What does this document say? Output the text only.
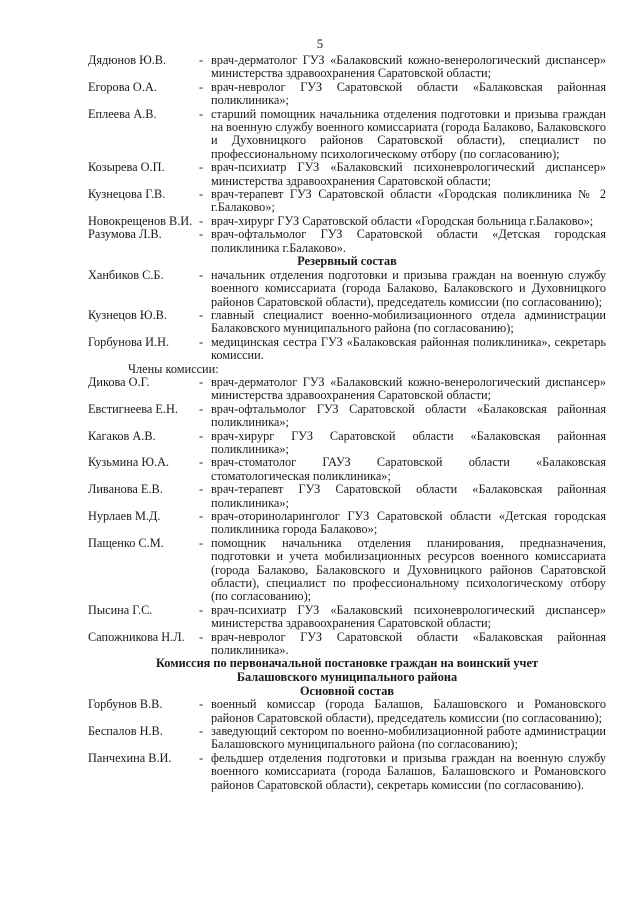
5
Дядюнов Ю.В.	- врач-дерматолог ГУЗ «Балаковский кожно-венерологический диспансер» министерства здравоохранения Саратовской области;
Егорова О.А.	- врач-невролог ГУЗ Саратовской области «Балаковская районная поликлиника»;
Еплеева А.В.	- старший помощник начальника отделения подготовки и призыва граждан на военную службу военного комиссариата (города Балаково, Балаковского и Духовницкого районов Саратовской области), специалист по профессиональному психологическому отбору (по согласованию);
Козырева О.П.	- врач-психиатр ГУЗ «Балаковский психоневрологический диспансер» министерства здравоохранения Саратовской области;
Кузнецова Г.В.	- врач-терапевт ГУЗ Саратовской области «Городская поликлиника № 2 г.Балаково»;
Новокрещенов В.И. - врач-хирург ГУЗ Саратовской области «Городская больница г.Балаково»;
Разумова Л.В.	- врач-офтальмолог ГУЗ Саратовской области «Детская городская поликлиника г.Балаково».
Резервный состав
Ханбиков С.Б.	- начальник отделения подготовки и призыва граждан на военную службу военного комиссариата (города Балаково, Балаковского и Духовницкого районов Саратовской области), председатель комиссии (по согласованию);
Кузнецов Ю.В.	- главный специалист военно-мобилизационного отдела администрации Балаковского муниципального района (по согласованию);
Горбунова И.Н.	- медицинская сестра ГУЗ «Балаковская районная поликлиника», секретарь комиссии.
Члены комиссии:
Дикова О.Г.	- врач-дерматолог ГУЗ «Балаковский кожно-венерологический диспансер» министерства здравоохранения Саратовской области;
Евстигнеева Е.Н.	- врач-офтальмолог ГУЗ Саратовской области «Балаковская районная поликлиника»;
Кагаков А.В.	- врач-хирург ГУЗ Саратовской области «Балаковская районная поликлиника»;
Кузьмина Ю.А.	- врач-стоматолог ГАУЗ Саратовской области «Балаковская стоматологическая поликлиника»;
Ливанова Е.В.	- врач-терапевт ГУЗ Саратовской области «Балаковская районная поликлиника»;
Нурлаев М.Д.	- врач-оториноларинголог ГУЗ Саратовской области «Детская городская поликлиника города Балаково»;
Пащенко С.М.	- помощник начальника отделения планирования, предназначения, подготовки и учета мобилизационных ресурсов военного комиссариата (города Балаково, Балаковского и Духовницкого районов Саратовской области), специалист по профессиональному психологическому отбору (по согласованию);
Пысина Г.С.	- врач-психиатр ГУЗ «Балаковский психоневрологический диспансер» министерства здравоохранения Саратовской области;
Сапожникова Н.Л.	- врач-невролог ГУЗ Саратовской области «Балаковская районная поликлиника».
Комиссия по первоначальной постановке граждан на воинский учет
Балашовского муниципального района
Основной состав
Горбунов В.В.	- военный комиссар (города Балашов, Балашовского и Романовского районов Саратовской области), председатель комиссии (по согласованию);
Беспалов Н.В.	- заведующий сектором по военно-мобилизационной работе администрации Балашовского муниципального района (по согласованию);
Панчехина В.И.	- фельдшер отделения подготовки и призыва граждан на военную службу военного комиссариата (города Балашов, Балашовского и Романовского районов Саратовской области), секретарь комиссии (по согласованию).
